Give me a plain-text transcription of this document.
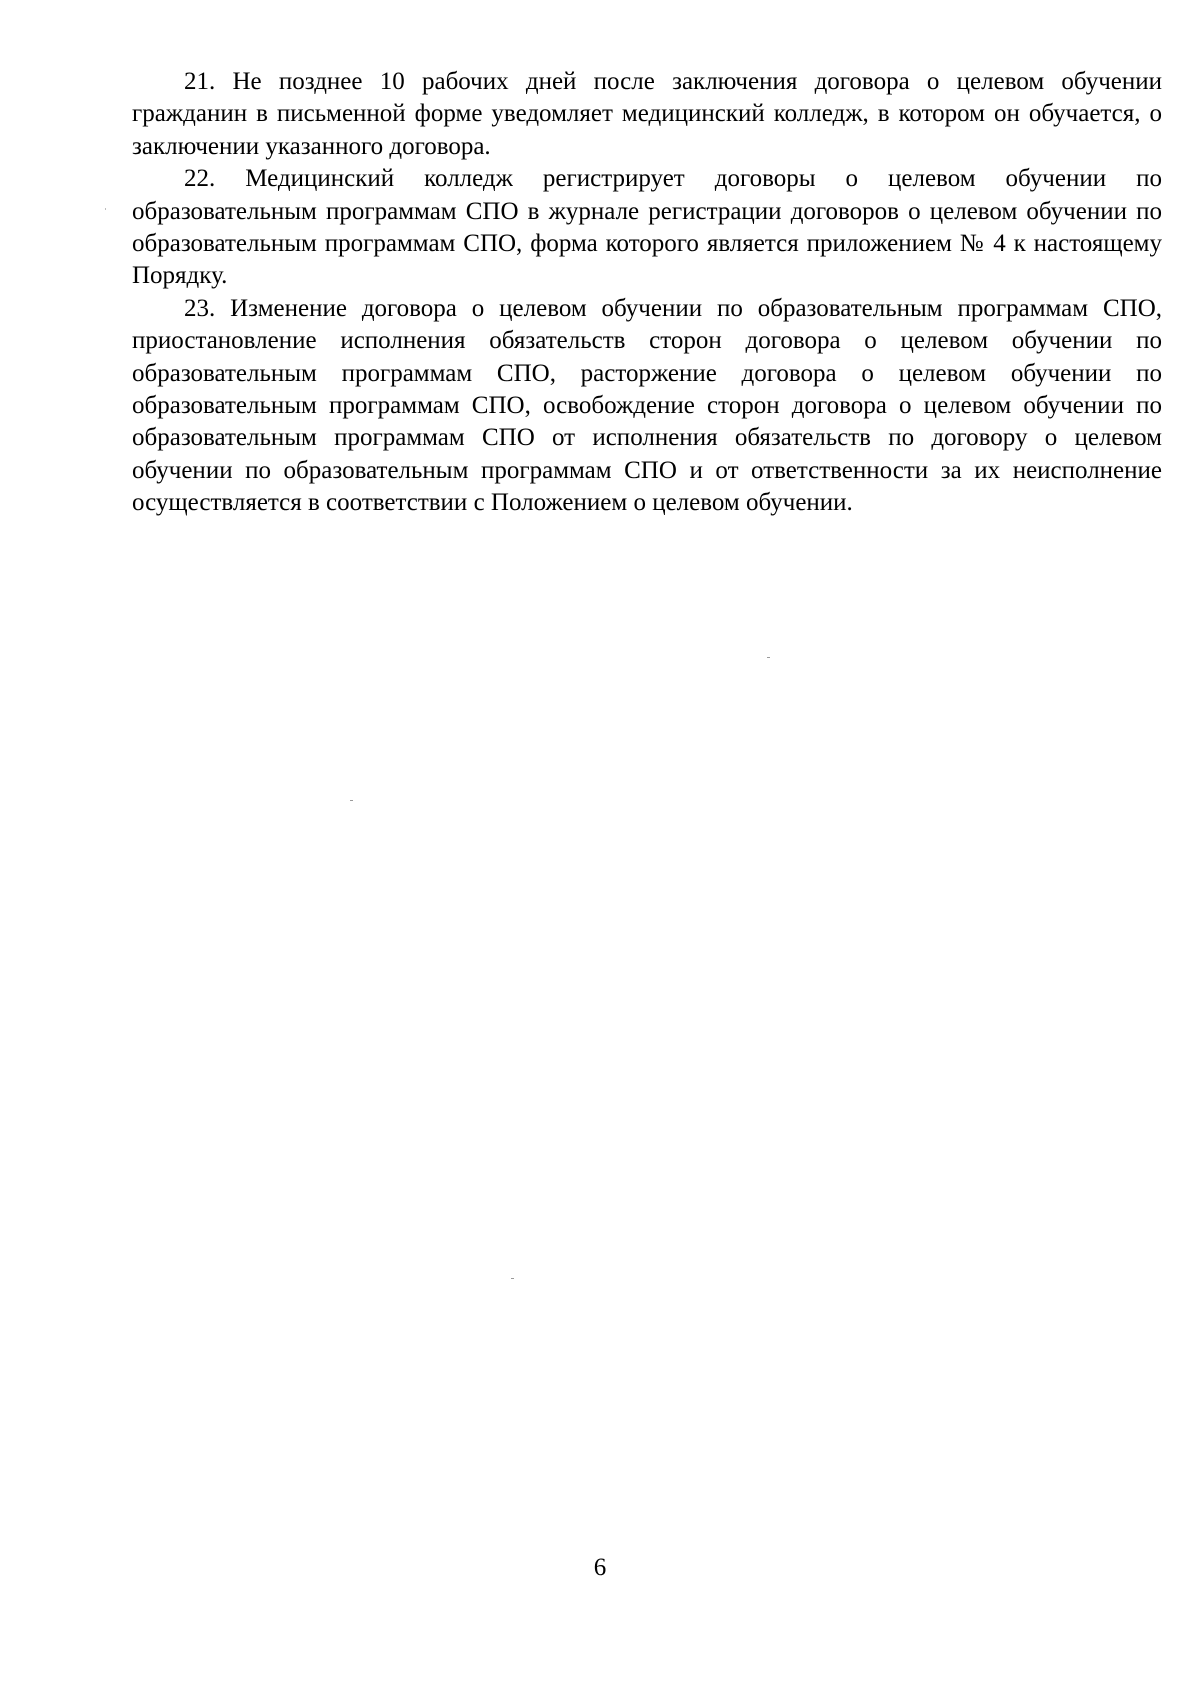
21. Не позднее 10 рабочих дней после заключения договора о целевом обучении гражданин в письменной форме уведомляет медицинский колледж, в котором он обучается, о заключении указанного договора.

22. Медицинский колледж регистрирует договоры о целевом обучении по образовательным программам СПО в журнале регистрации договоров о целевом обучении по образовательным программам СПО, форма которого является приложением № 4 к настоящему Порядку.

23. Изменение договора о целевом обучении по образовательным программам СПО, приостановление исполнения обязательств сторон договора о целевом обучении по образовательным программам СПО, расторжение договора о целевом обучении по образовательным программам СПО, освобождение сторон договора о целевом обучении по образовательным программам СПО от исполнения обязательств по договору о целевом обучении по образовательным программам СПО и от ответственности за их неисполнение осуществляется в соответствии с Положением о целевом обучении.

6
